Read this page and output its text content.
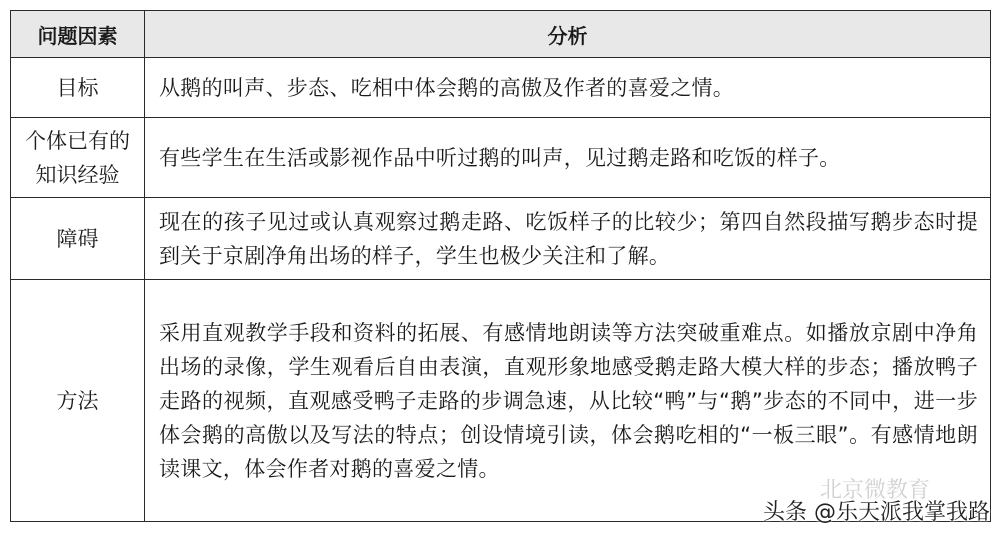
问题因素	分析
目标	从鹅的叫声、步态、吃相中体会鹅的高傲及作者的喜爱之情。

个体已有的
知识经验	有些学生在生活或影视作品中听过鹅的叫声，见过鹅走路和吃饭的样子。

障碍	现在的孩子见过或认真观察过鹅走路、吃饭样子的比较少；第四自然段描写鹅步态时提到关于京剧净角出场的样子，学生也极少关注和了解。

方法	采用直观教学手段和资料的拓展、有感情地朗读等方法突破重难点。如播放京剧中净角出场的录像，学生观看后自由表演，直观形象地感受鹅走路大模大样的步态；播放鸭子走路的视频，直观感受鸭子走路的步调急速，从比较“鸭”与“鹅”步态的不同中，进一步体会鹅的高傲以及写法的特点；创设情境引读，体会鹅吃相的“一板三眼”。有感情地朗读课文，体会作者对鹅的喜爱之情。

北京微教育
头条 @乐天派我掌我路
